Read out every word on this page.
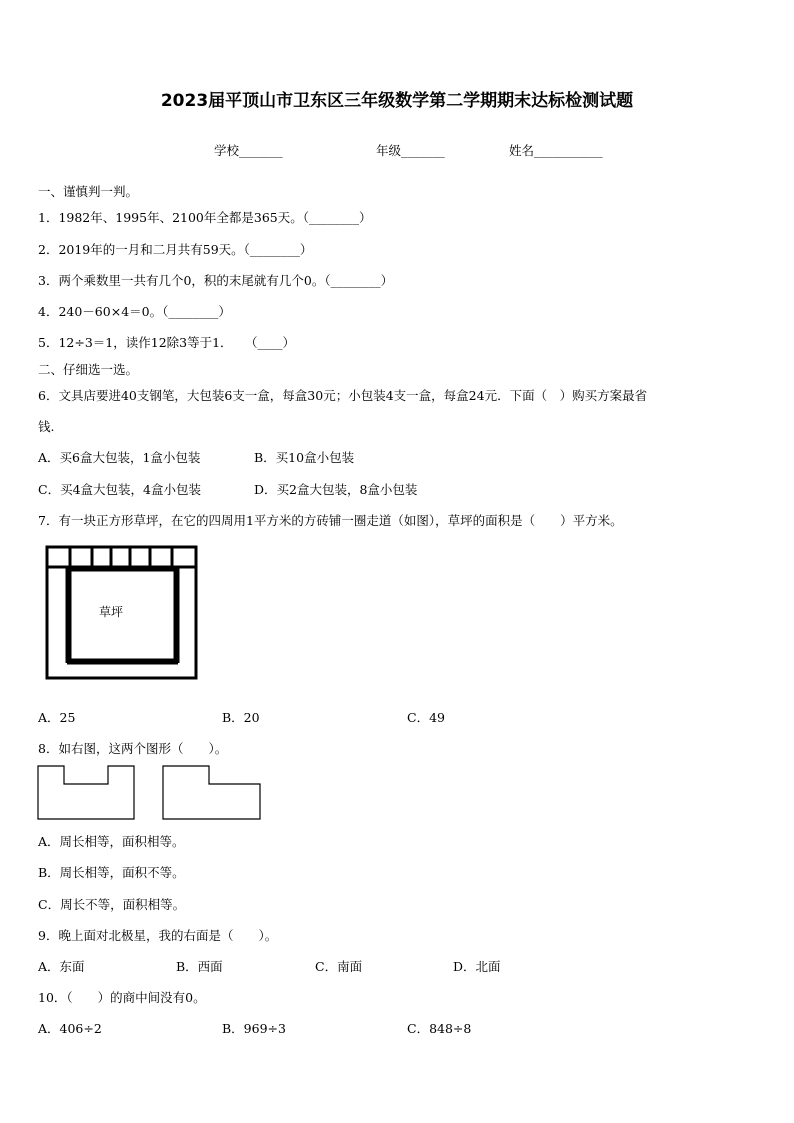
2023届平顶山市卫东区三年级数学第二学期期末达标检测试题
学校_______	年级_______	姓名___________
一、谨慎判一判。
1．1982年、1995年、2100年全都是365天。（________）
2．2019年的一月和二月共有59天。（________）
3．两个乘数里一共有几个0，积的末尾就有几个0。（________）
4．240－60×4＝0。（________）
5．12÷3＝1，读作12除3等于1．　　（____）
二、仔细选一选。
6．文具店要进40支钢笔，大包装6支一盒，每盒30元；小包装4支一盒，每盒24元．下面（　）购买方案最省
钱.
A．买6盒大包装，1盒小包装	B．买10盒小包装
C．买4盒大包装，4盒小包装	D．买2盒大包装，8盒小包装
7．有一块正方形草坪，在它的四周用1平方米的方砖铺一圈走道（如图），草坪的面积是（　　）平方米。
草坪
A．25	B．20	C．49
8．如右图，这两个图形（　　）。
A．周长相等，面积相等。
B．周长相等，面积不等。
C．周长不等，面积相等。
9．晚上面对北极星，我的右面是（　　）。
A．东面	B．西面	C．南面	D．北面
10．（　　）的商中间没有0。
A．406÷2	B．969÷3	C．848÷8
